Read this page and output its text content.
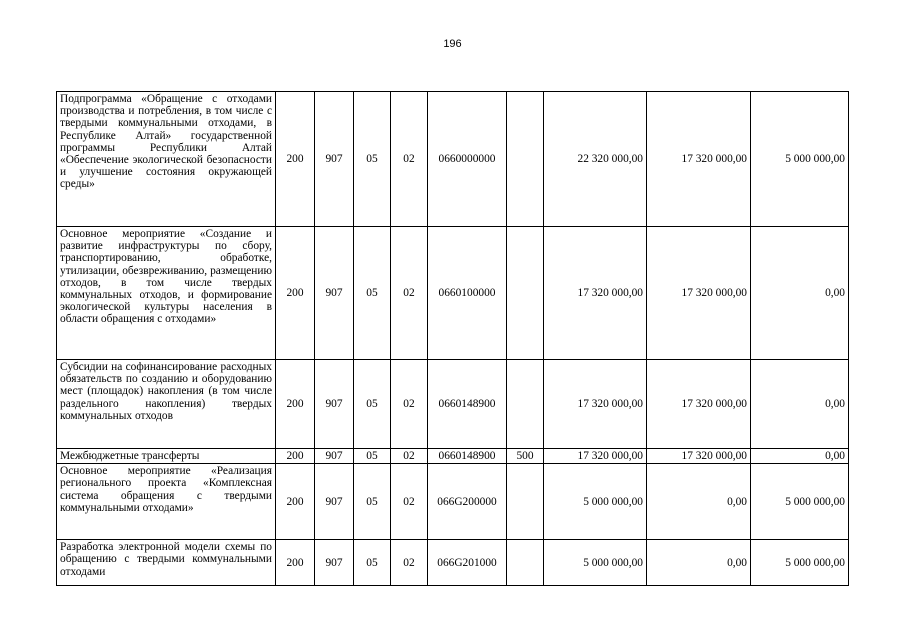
196
Подпрограмма «Обращение с отходами производства и потребления, в том числе с твердыми коммунальными отходами, в Республике Алтай» государственной программы Республики Алтай «Обеспечение экологической безопасности и улучшение состояния окружающей среды»	200	907	05	02	0660000000		22 320 000,00	17 320 000,00	5 000 000,00
Основное мероприятие «Создание и развитие инфраструктуры по сбору, транспортированию, обработке, утилизации, обезвреживанию, размещению отходов, в том числе твердых коммунальных отходов, и формирование экологической культуры населения в области обращения с отходами»	200	907	05	02	0660100000		17 320 000,00	17 320 000,00	0,00
Субсидии на софинансирование расходных обязательств по созданию и оборудованию мест (площадок) накопления (в том числе раздельного накопления) твердых коммунальных отходов	200	907	05	02	0660148900		17 320 000,00	17 320 000,00	0,00
Межбюджетные трансферты	200	907	05	02	0660148900	500	17 320 000,00	17 320 000,00	0,00
Основное мероприятие «Реализация регионального проекта «Комплексная система обращения с твердыми коммунальными отходами»	200	907	05	02	066G200000		5 000 000,00	0,00	5 000 000,00
Разработка электронной модели схемы по обращению с твердыми коммунальными отходами	200	907	05	02	066G201000		5 000 000,00	0,00	5 000 000,00
